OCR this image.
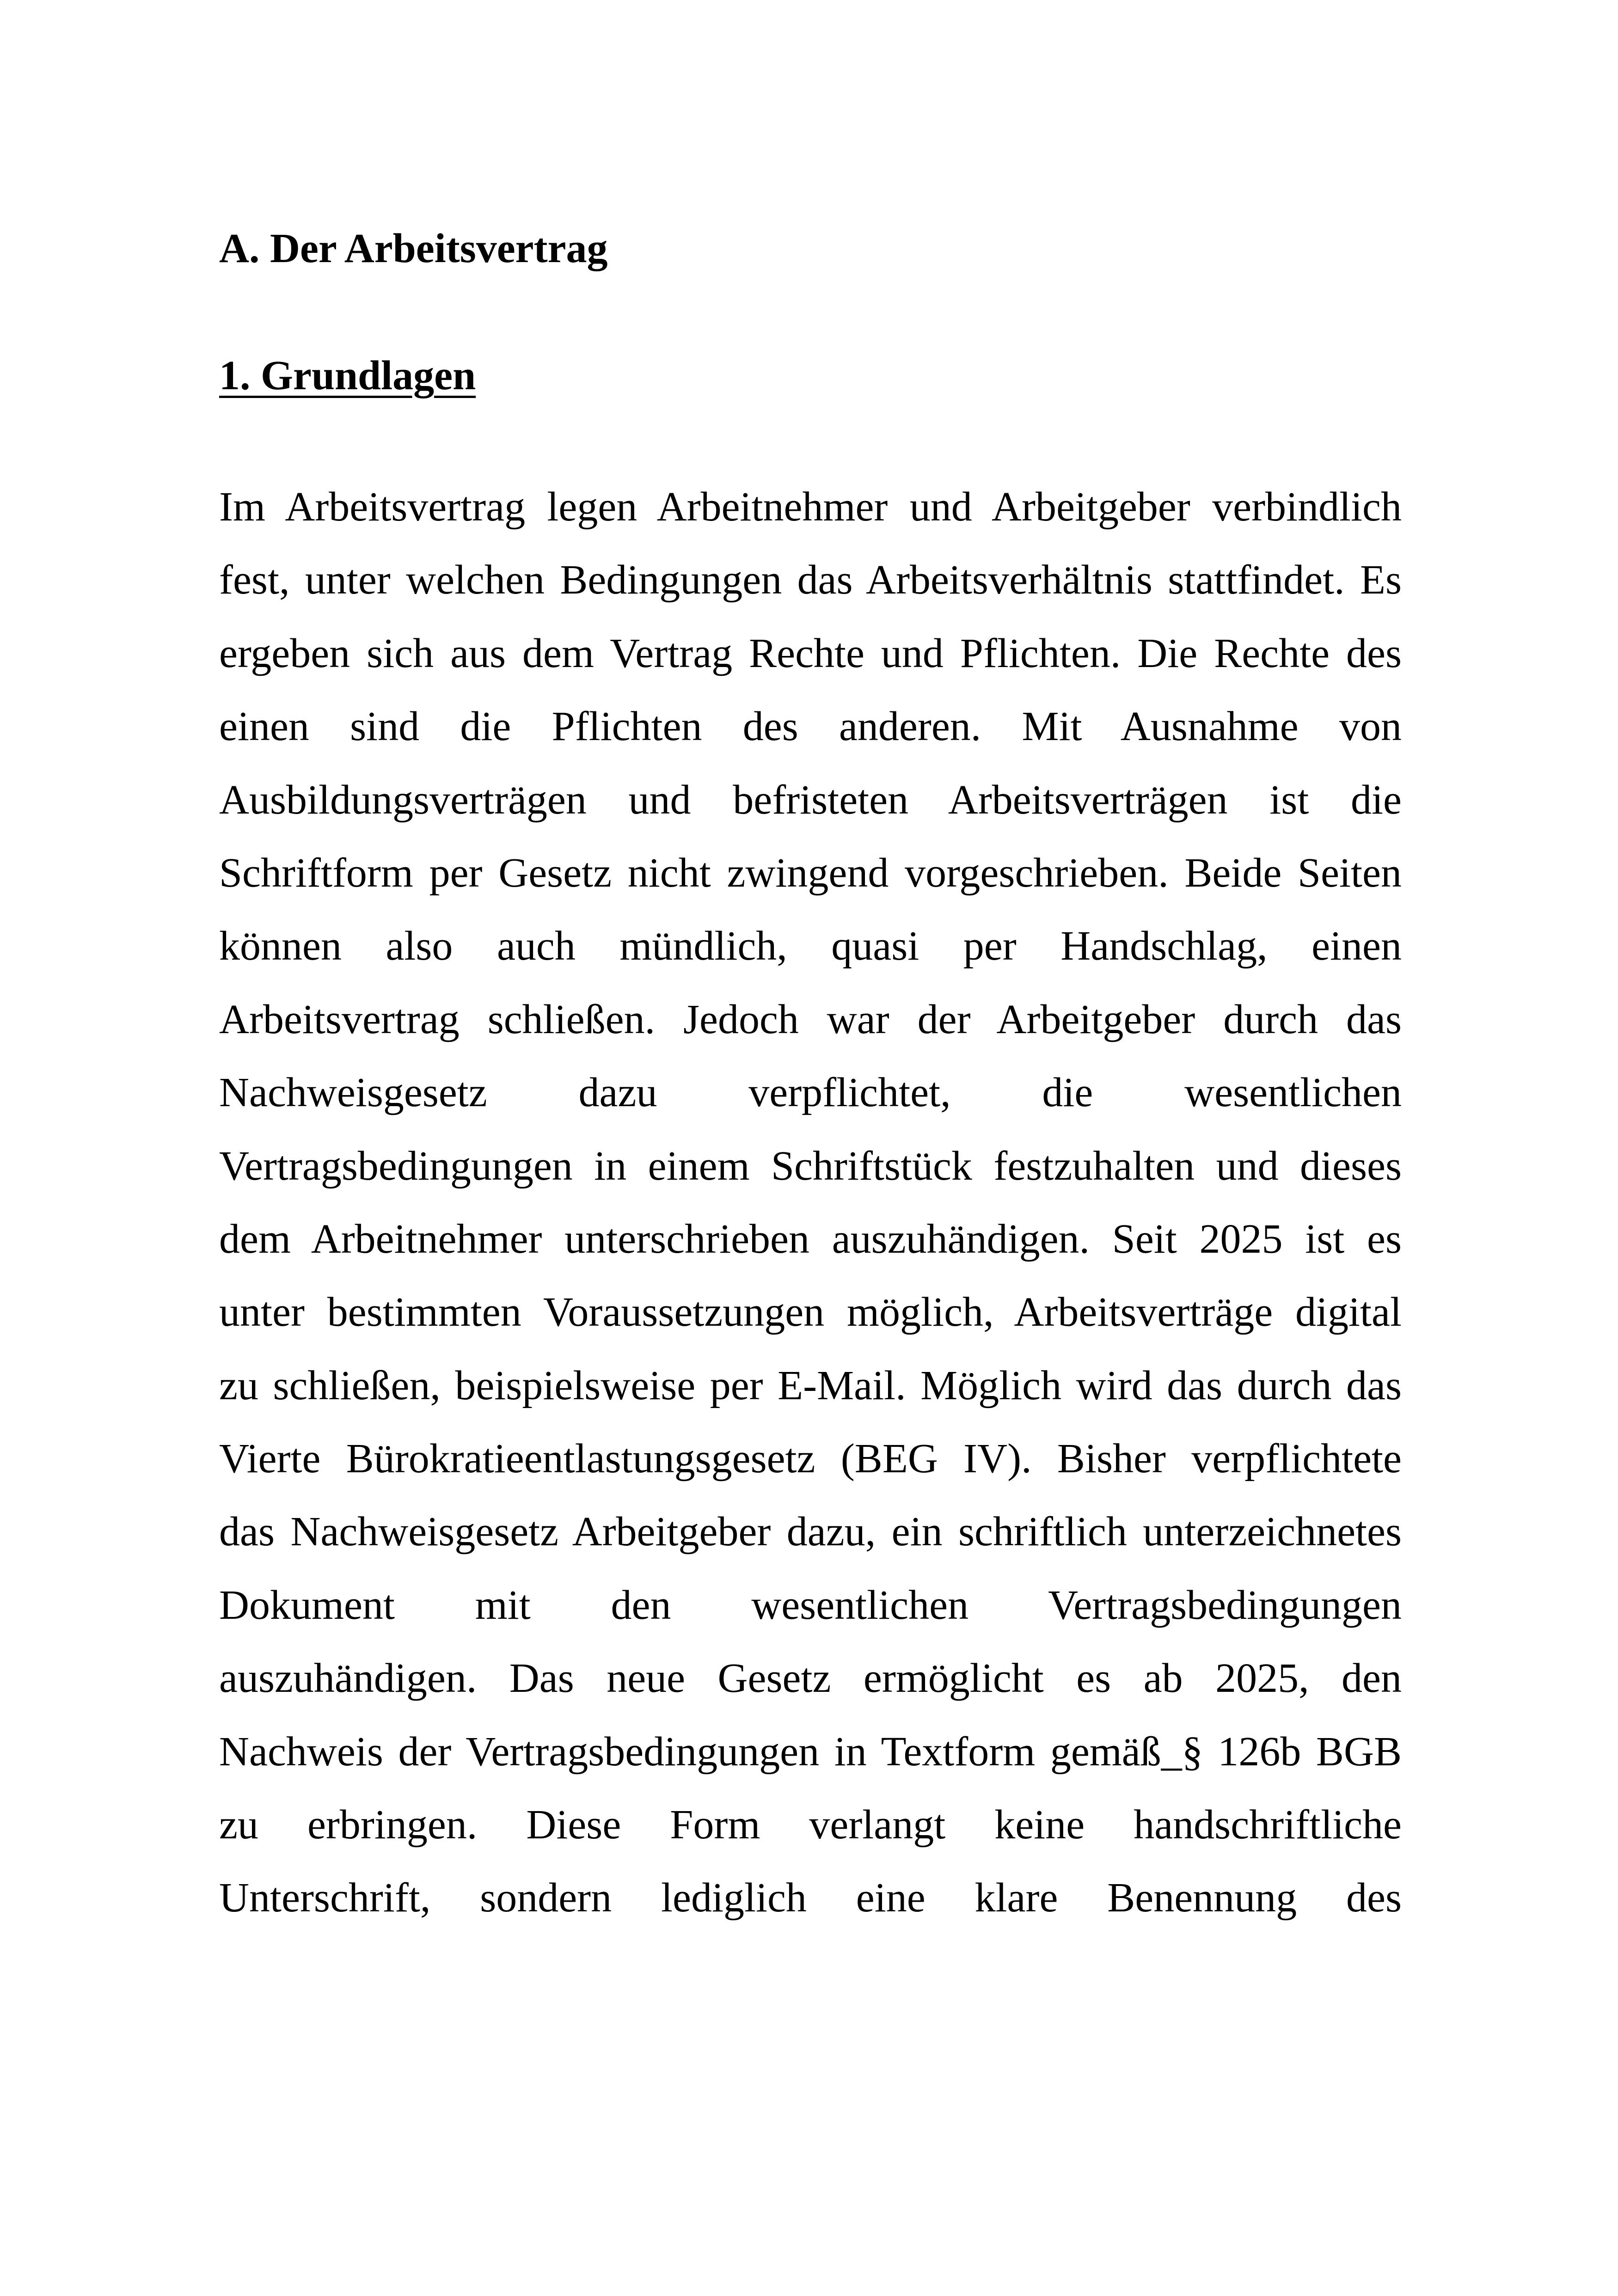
A. Der Arbeitsvertrag
1. Grundlagen
Im Arbeitsvertrag legen Arbeitnehmer und Arbeitgeber verbindlich
fest, unter welchen Bedingungen das Arbeitsverhältnis stattfindet. Es
ergeben sich aus dem Vertrag Rechte und Pflichten. Die Rechte des
einen sind die Pflichten des anderen. Mit Ausnahme von
Ausbildungsverträgen und befristeten Arbeitsverträgen ist die
Schriftform per Gesetz nicht zwingend vorgeschrieben. Beide Seiten
können also auch mündlich, quasi per Handschlag, einen
Arbeitsvertrag schließen. Jedoch war der Arbeitgeber durch das
Nachweisgesetz dazu verpflichtet, die wesentlichen
Vertragsbedingungen in einem Schriftstück festzuhalten und dieses
dem Arbeitnehmer unterschrieben auszuhändigen. Seit 2025 ist es
unter bestimmten Voraussetzungen möglich, Arbeitsverträge digital
zu schließen, beispielsweise per E-Mail. Möglich wird das durch das
Vierte Bürokratieentlastungsgesetz (BEG IV). Bisher verpflichtete
das Nachweisgesetz Arbeitgeber dazu, ein schriftlich unterzeichnetes
Dokument mit den wesentlichen Vertragsbedingungen
auszuhändigen. Das neue Gesetz ermöglicht es ab 2025, den
Nachweis der Vertragsbedingungen in Textform gemäß_§ 126b BGB
zu erbringen. Diese Form verlangt keine handschriftliche
Unterschrift, sondern lediglich eine klare Benennung des
